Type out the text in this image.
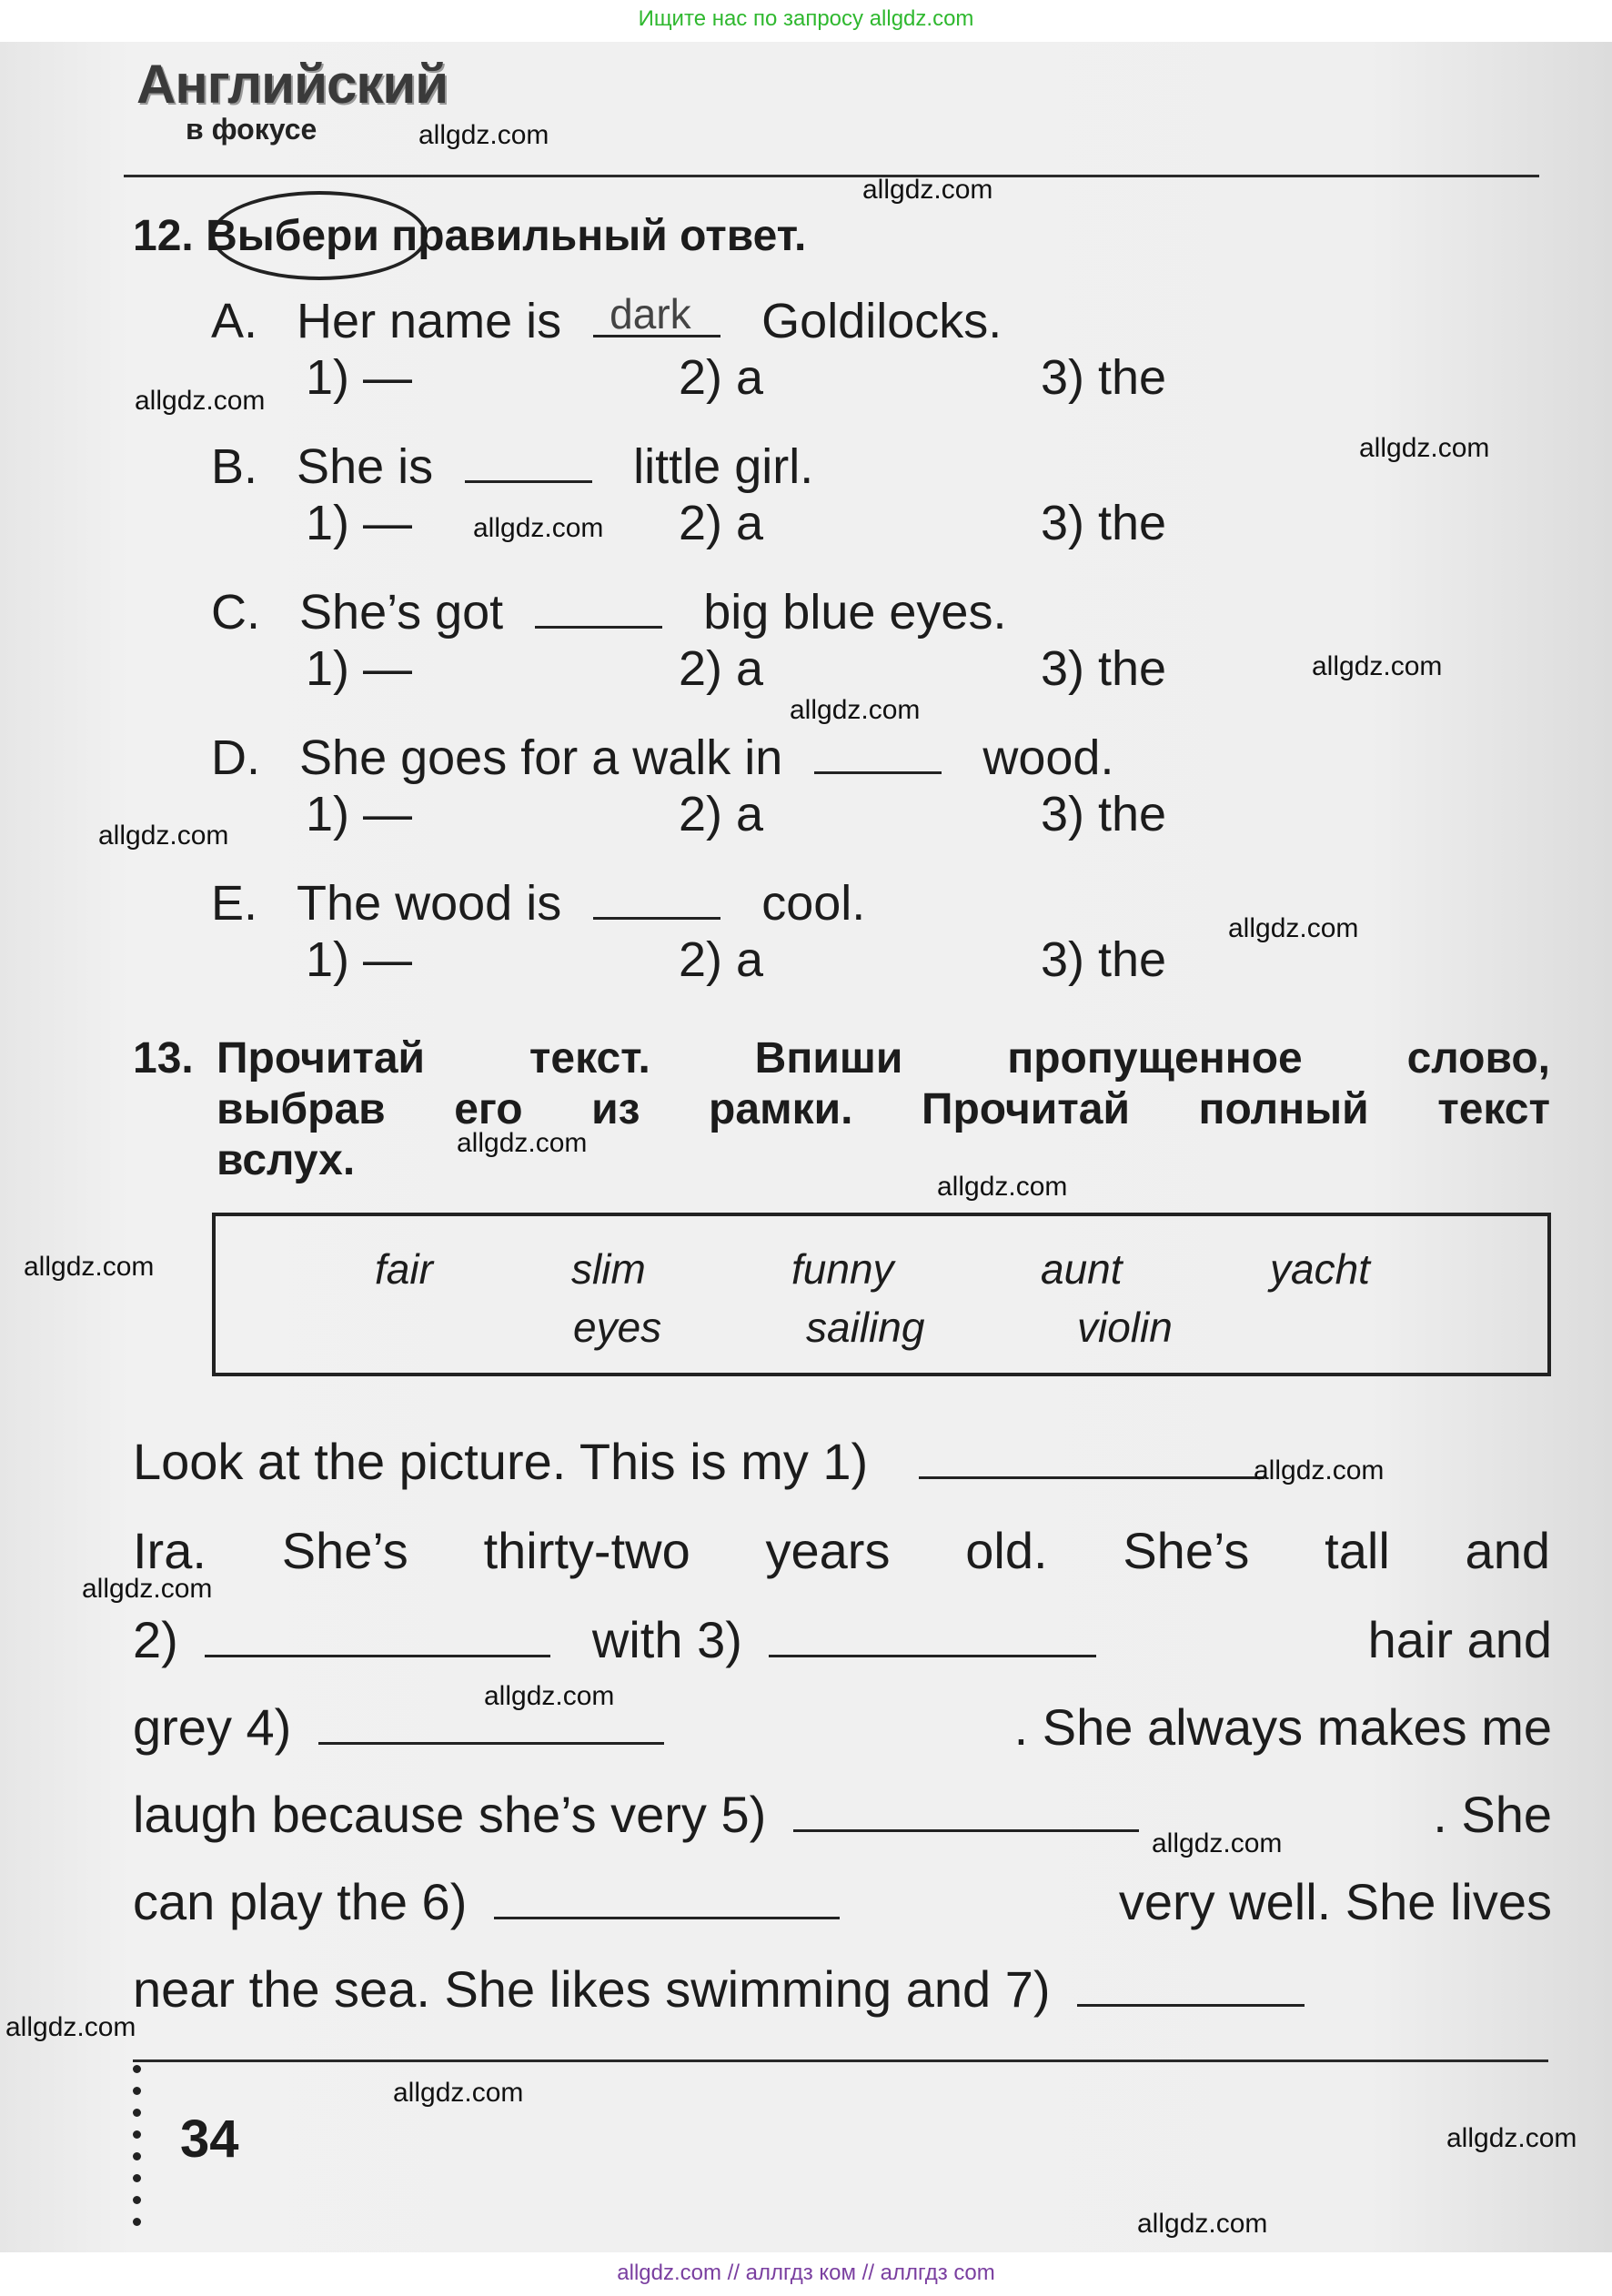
Ищите нас по запросу allgdz.com
Английский
в фокусе
12. Выбери правильный ответ.
A. Her name is dark Goldilocks.
1) —	2) a	3) the
B. She is	little girl.
1) —	2) a	3) the
C. She’s got	big blue eyes.
1) —	2) a	3) the
D. She goes for a walk in	wood.
1) —	2) a	3) the
E. The wood is	cool.
1) —	2) a	3) the
13. Прочитай текст. Впиши пропущенное слово,
выбрав его из рамки. Прочитай полный текст
вслух.
fair	slim	funny	aunt	yacht
eyes	sailing	violin
Look at the picture. This is my 1)
Ira. She’s thirty-two years old. She’s tall and
2)	with 3)	hair and
grey 4)	. She always makes me
laugh because she’s very 5)	. She
can play the 6)	very well. She lives
near the sea. She likes swimming and 7)
34
allgdz.com
allgdz.com
allgdz.com
allgdz.com
allgdz.com
allgdz.com
allgdz.com
allgdz.com
allgdz.com
allgdz.com
allgdz.com
allgdz.com
allgdz.com
allgdz.com
allgdz.com
allgdz.com
allgdz.com
allgdz.com
allgdz.com
allgdz.com
allgdz.com // аллгдз ком // аллгдз com
